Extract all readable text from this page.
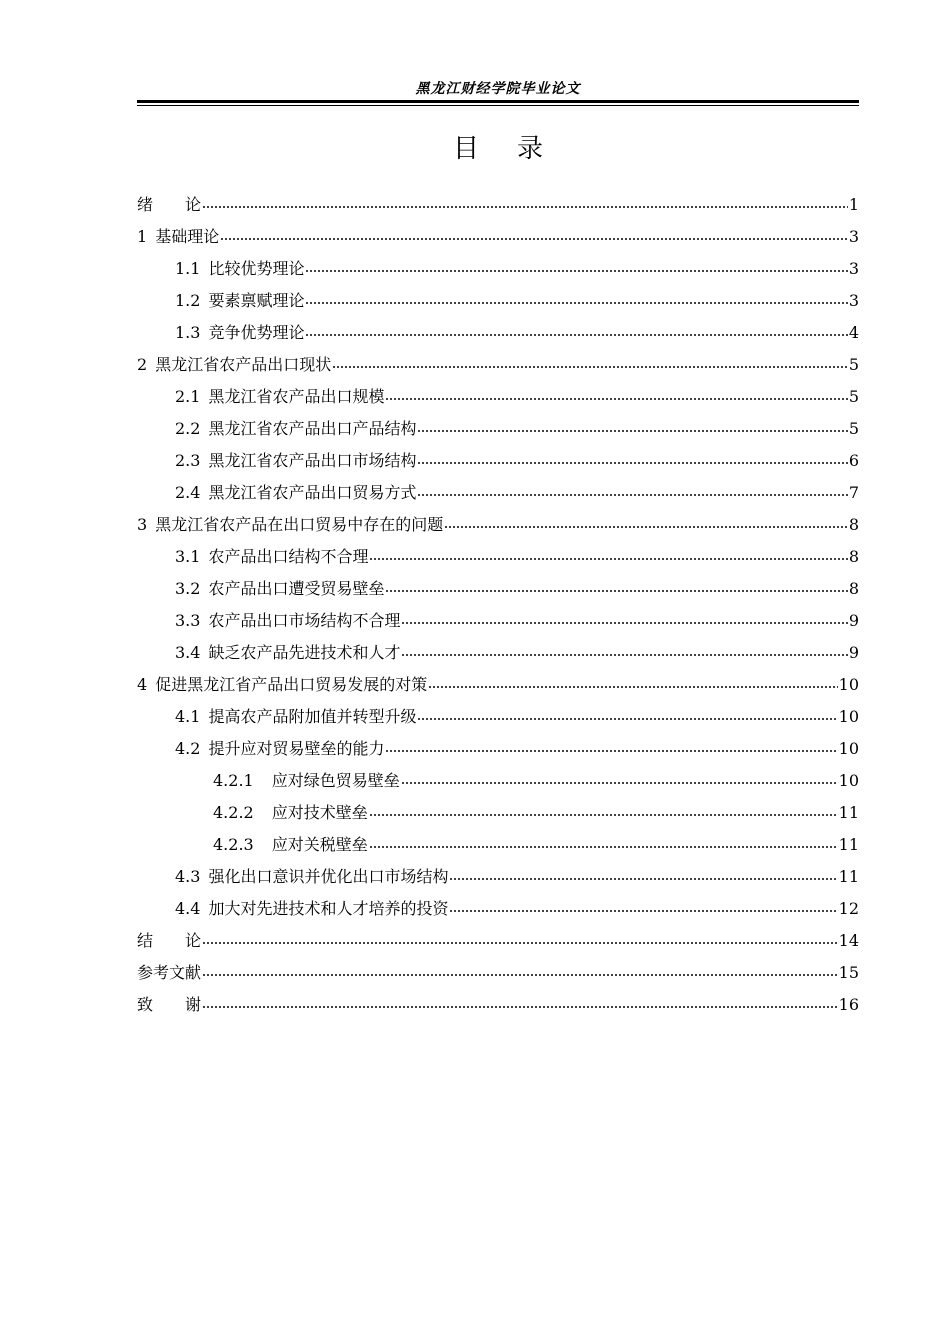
黑龙江财经学院毕业论文
目录
绪论	1
1 基础理论	3
1.1 比较优势理论	3
1.2 要素禀赋理论	3
1.3 竞争优势理论	4
2 黑龙江省农产品出口现状	5
2.1 黑龙江省农产品出口规模	5
2.2 黑龙江省农产品出口产品结构	5
2.3 黑龙江省农产品出口市场结构	6
2.4 黑龙江省农产品出口贸易方式	7
3 黑龙江省农产品在出口贸易中存在的问题	8
3.1 农产品出口结构不合理	8
3.2 农产品出口遭受贸易壁垒	8
3.3 农产品出口市场结构不合理	9
3.4 缺乏农产品先进技术和人才	9
4 促进黑龙江省产品出口贸易发展的对策	10
4.1 提高农产品附加值并转型升级	10
4.2 提升应对贸易壁垒的能力	10
4.2.1 应对绿色贸易壁垒	10
4.2.2 应对技术壁垒	11
4.2.3 应对关税壁垒	11
4.3 强化出口意识并优化出口市场结构	11
4.4 加大对先进技术和人才培养的投资	12
结论	14
参考文献	15
致谢	16
